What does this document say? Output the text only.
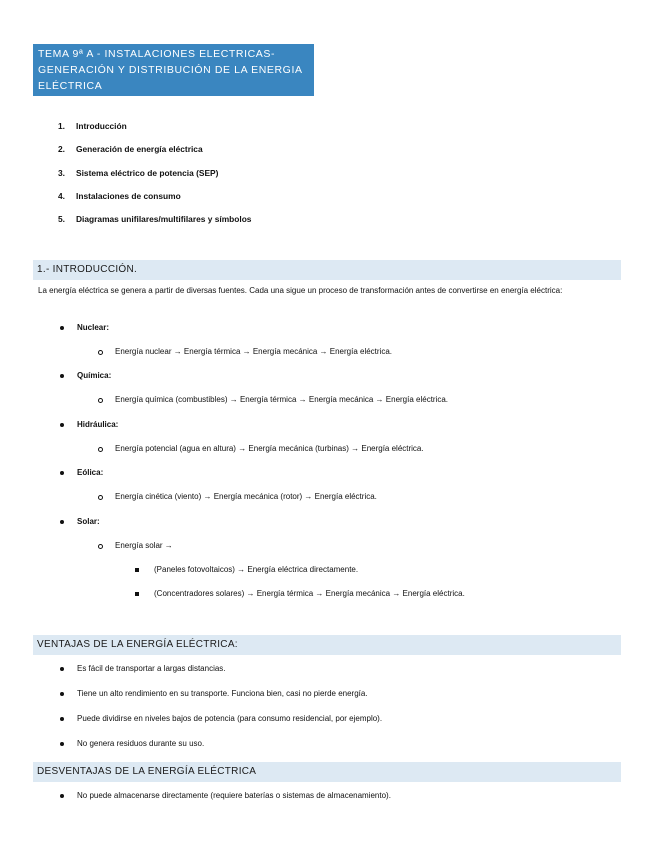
TEMA 9ª A - INSTALACIONES ELECTRICAS-
GENERACIÓN Y DISTRIBUCIÓN DE LA ENERGIA
ELÉCTRICA
1. Introducción
2. Generación de energía eléctrica
3. Sistema eléctrico de potencia (SEP)
4. Instalaciones de consumo
5. Diagramas unifilares/multifilares y símbolos
1.- INTRODUCCIÓN.
La energía eléctrica se genera a partir de diversas fuentes. Cada una sigue un proceso de transformación antes de convertirse en energía eléctrica:
Nuclear:
Energía nuclear → Energía térmica → Energía mecánica → Energía eléctrica.
Química:
Energía química (combustibles) → Energía térmica → Energía mecánica → Energía eléctrica.
Hidráulica:
Energía potencial (agua en altura) → Energía mecánica (turbinas) → Energía eléctrica.
Eólica:
Energía cinética (viento) → Energía mecánica (rotor) → Energía eléctrica.
Solar:
Energía solar →
(Paneles fotovoltaicos) → Energía eléctrica directamente.
(Concentradores solares) → Energía térmica → Energía mecánica → Energía eléctrica.
VENTAJAS DE LA ENERGÍA ELÉCTRICA:
Es fácil de transportar a largas distancias.
Tiene un alto rendimiento en su transporte. Funciona bien, casi no pierde energía.
Puede dividirse en niveles bajos de potencia (para consumo residencial, por ejemplo).
No genera residuos durante su uso.
DESVENTAJAS DE LA ENERGÍA ELÉCTRICA
No puede almacenarse directamente (requiere baterías o sistemas de almacenamiento).
